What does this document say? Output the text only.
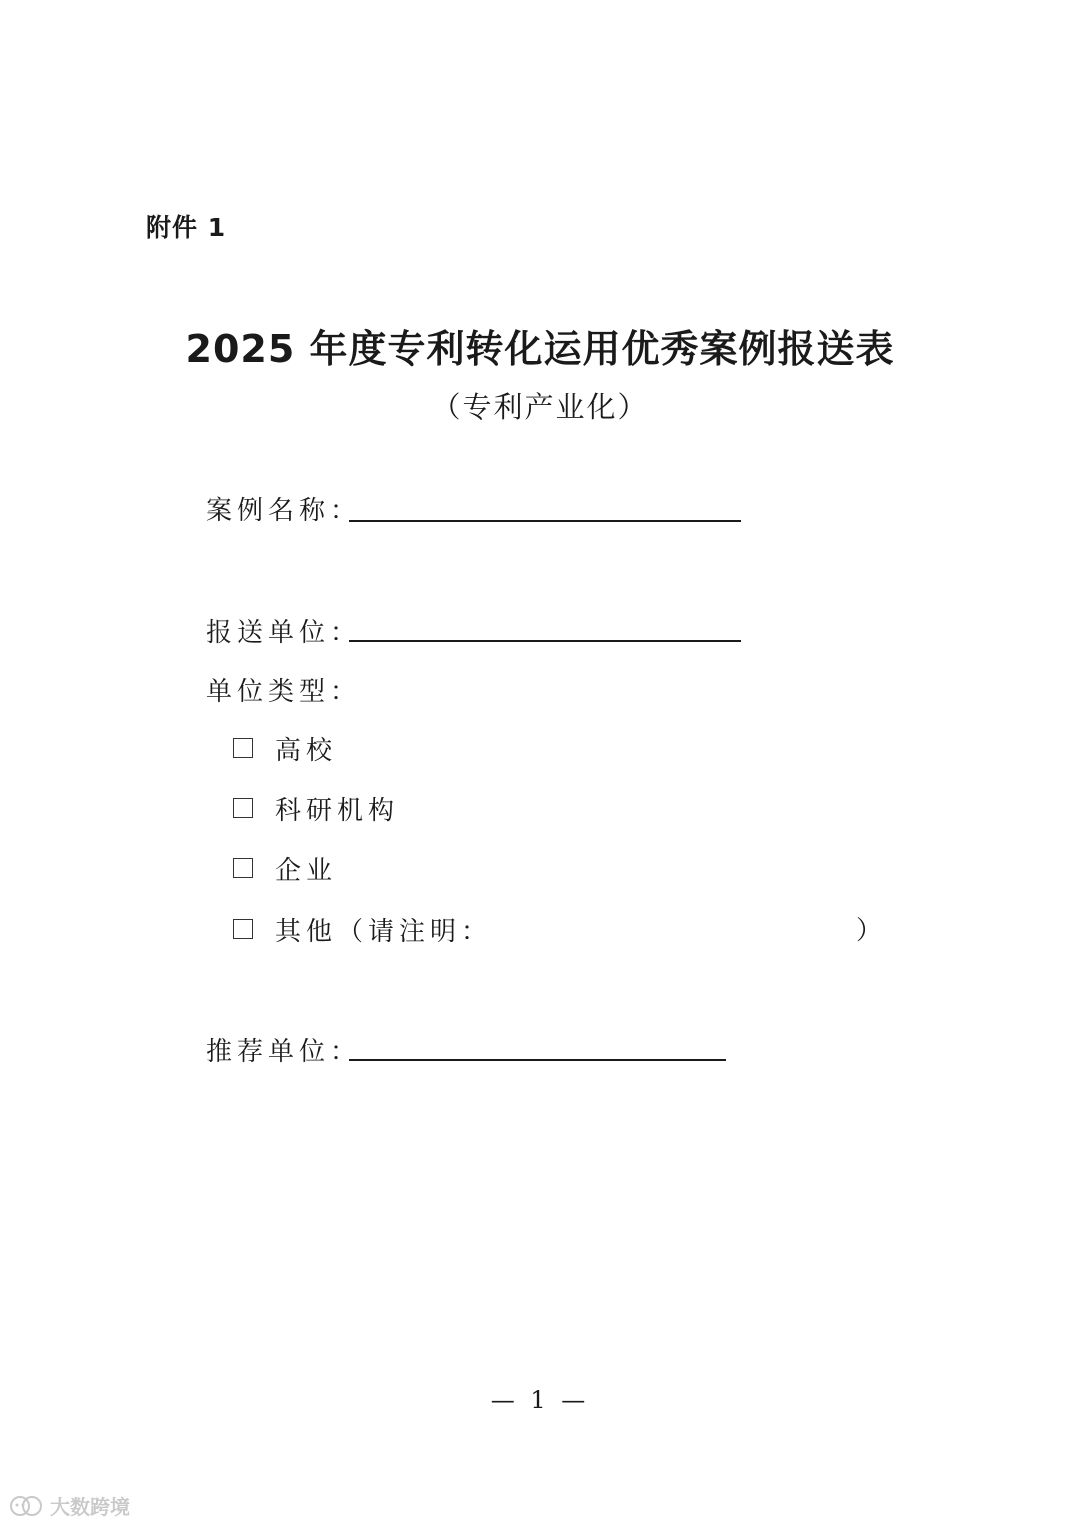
附件 1
2025 年度专利转化运用优秀案例报送表
（专利产业化）
案例名称：
报送单位：
单位类型：
高校
科研机构
企业
其他（请注明：	）
推荐单位：
— 1 —
大数跨境
